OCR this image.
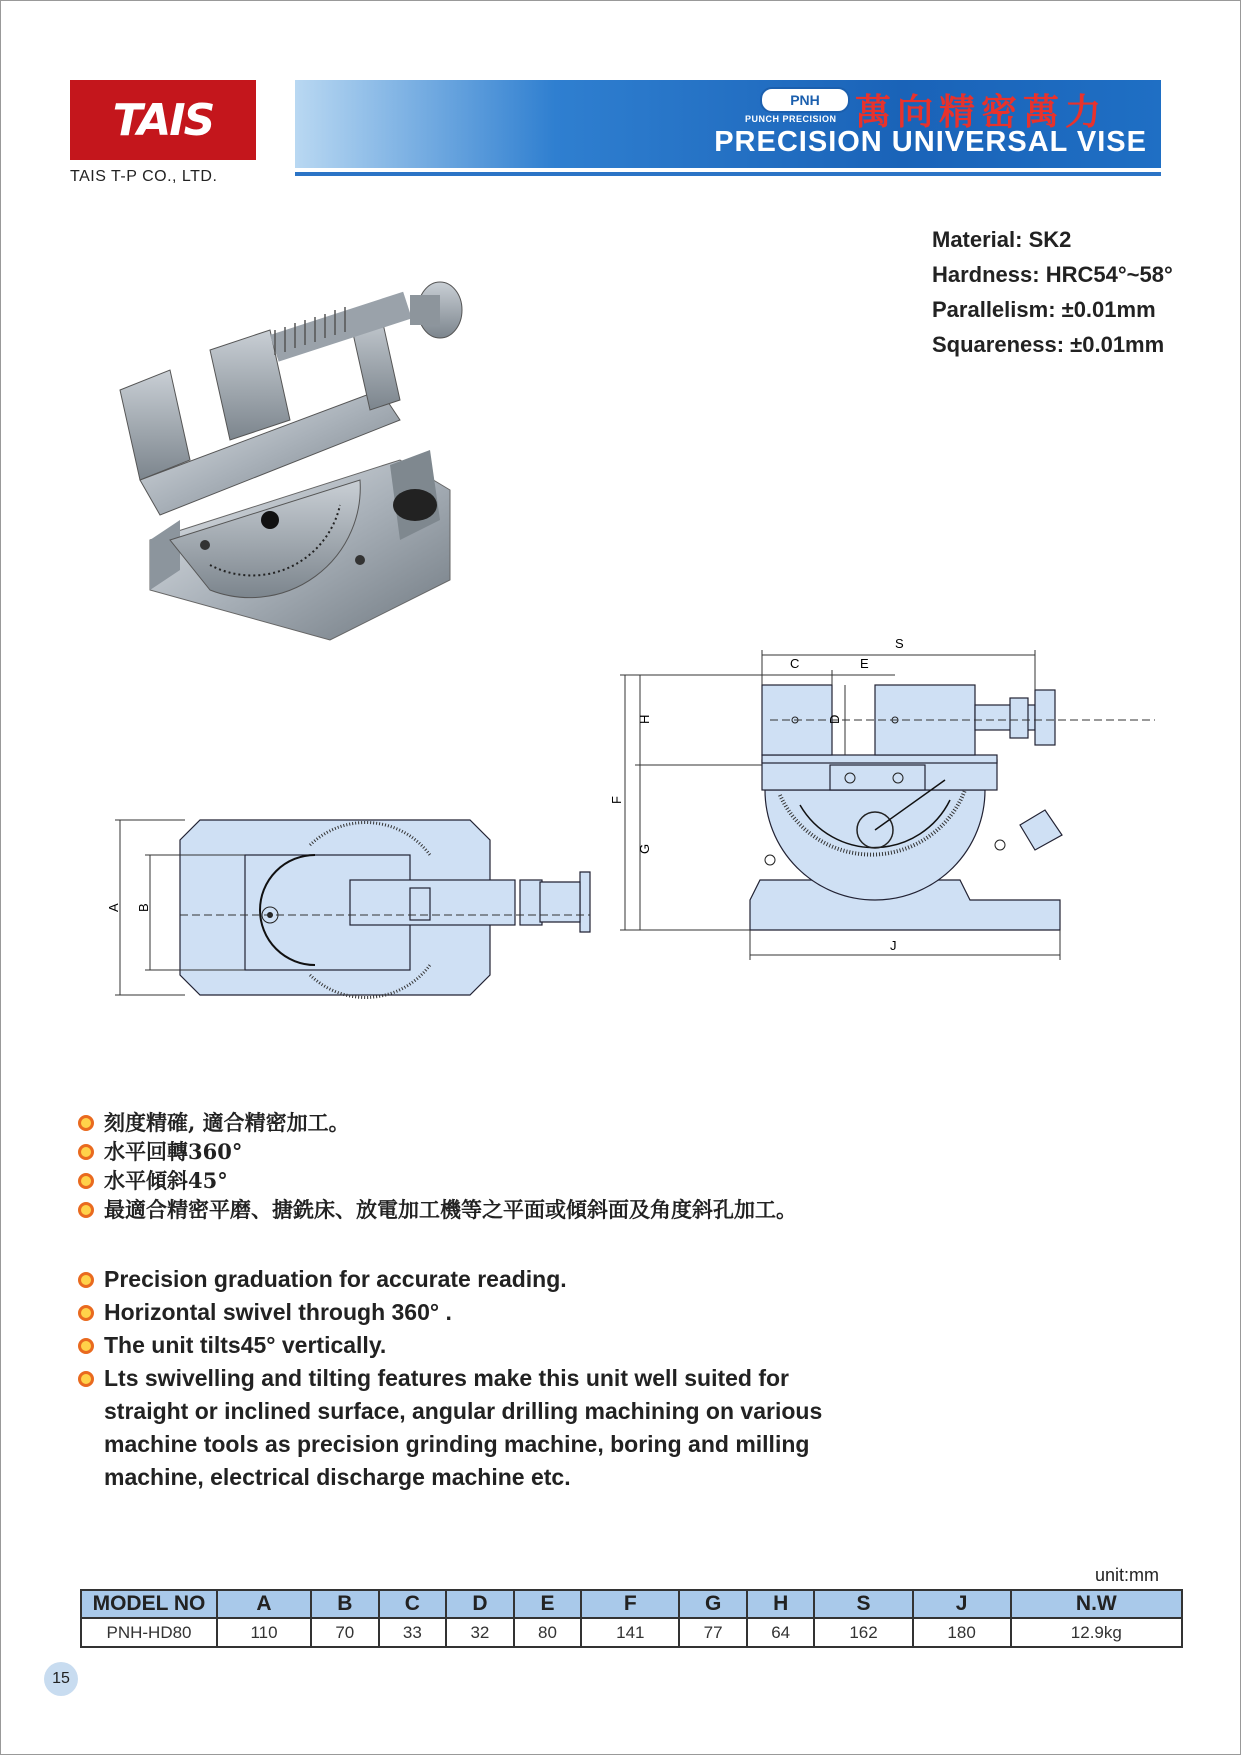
TAIS
TAIS T-P CO., LTD.
PNH
PUNCH PRECISION 萬向精密萬力
PRECISION UNIVERSAL VISE
Material: SK2
Hardness: HRC54°~58°
Parallelism: ±0.01mm
Squareness: ±0.01mm
A B
S
C	E
D
H
F
G
J
刻度精確, 適合精密加工。
水平回轉360°
水平傾斜45°
最適合精密平磨、搪銑床、放電加工機等之平面或傾斜面及角度斜孔加工。
Precision graduation for accurate reading.
Horizontal swivel through 360° .
The unit tilts45° vertically.
Lts swivelling and tilting features make this unit well suited for straight or inclined surface, angular drilling machining on various machine tools as precision grinding machine, boring and milling machine, electrical discharge machine etc.
unit:mm
MODEL NO	A	B	C	D	E	F	G	H	S	J	N.W
PNH-HD80	110	70	33	32	80	141	77	64	162	180	12.9kg
15
